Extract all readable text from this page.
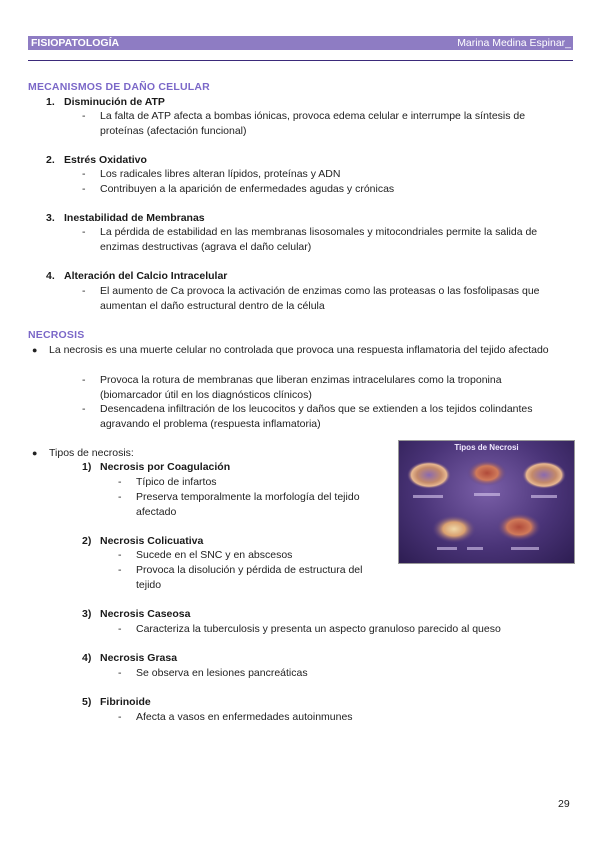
FISIOPATOLOGÍA	Marina Medina Espinar_
MECANISMOS DE DAÑO CELULAR
1. Disminución de ATP
- La falta de ATP afecta a bombas iónicas, provoca edema celular e interrumpe la síntesis de proteínas (afectación funcional)
2. Estrés Oxidativo
- Los radicales libres alteran lípidos, proteínas y ADN
- Contribuyen a la aparición de enfermedades agudas y crónicas
3. Inestabilidad de Membranas
- La pérdida de estabilidad en las membranas lisosomales y mitocondriales permite la salida de enzimas destructivas (agrava el daño celular)
4. Alteración del Calcio Intracelular
- El aumento de Ca provoca la activación de enzimas como las proteasas o las fosfolipasas que aumentan el daño estructural dentro de la célula
NECROSIS
● La necrosis es una muerte celular no controlada que provoca una respuesta inflamatoria del tejido afectado
- Provoca la rotura de membranas que liberan enzimas intracelulares como la troponina (biomarcador útil en los diagnósticos clínicos)
- Desencadena infiltración de los leucocitos y daños que se extienden a los tejidos colindantes agravando el problema (respuesta inflamatoria)
● Tipos de necrosis:
1) Necrosis por Coagulación
- Típico de infartos
- Preserva temporalmente la morfología del tejido afectado
2) Necrosis Colicuativa
- Sucede en el SNC y en abscesos
- Provoca la disolución y pérdida de estructura del tejido
3) Necrosis Caseosa
- Caracteriza la tuberculosis y presenta un aspecto granuloso parecido al queso
4) Necrosis Grasa
- Se observa en lesiones pancreáticas
5) Fibrinoide
- Afecta a vasos en enfermedades autoinmunes
Tipos de Necrosi
29
